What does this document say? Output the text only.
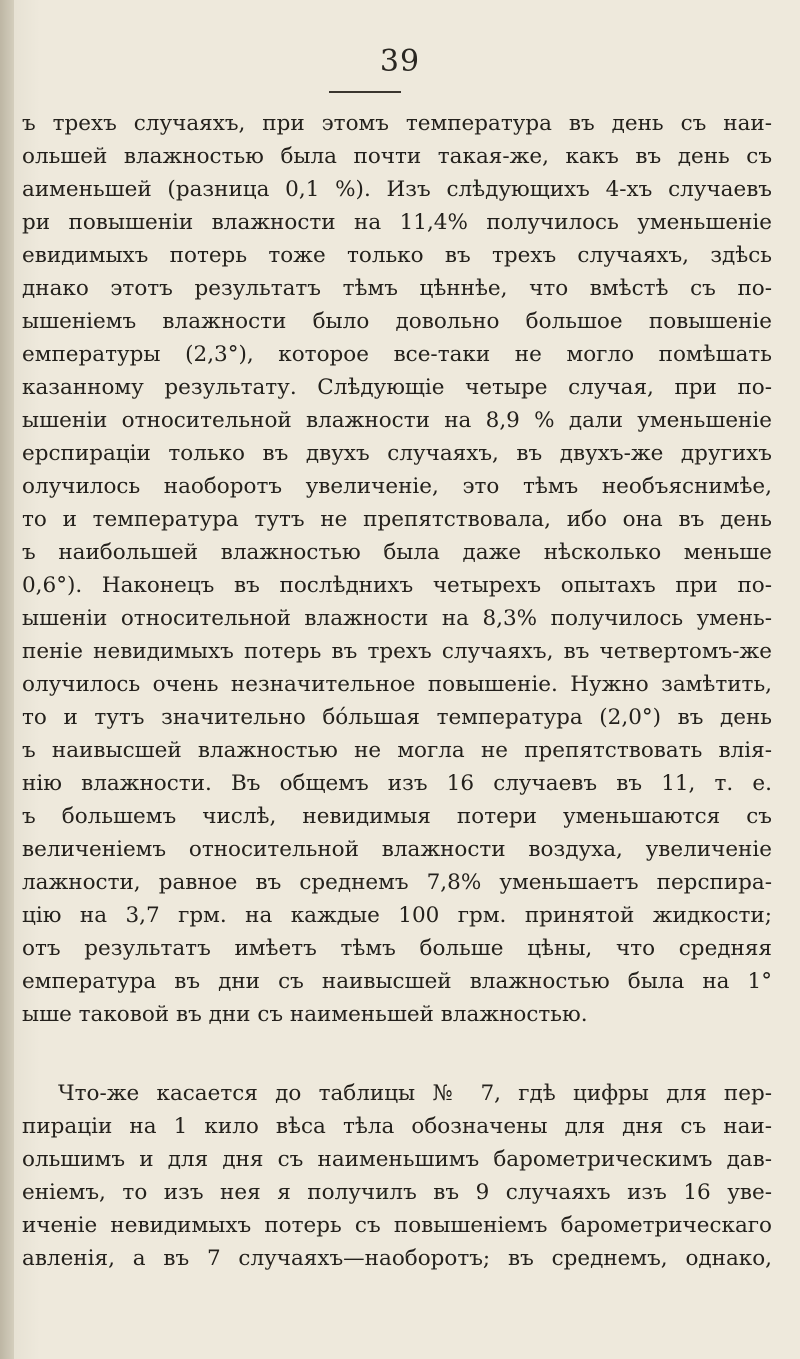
39
ъ трехъ случаяхъ, при этомъ температура въ день съ наи-
ольшей влажностью была почти такая-же, какъ въ день съ
аименьшей (разница 0,1 %). Изъ слѣдующихъ 4-хъ случаевъ
ри повышеніи влажности на 11,4% получилось уменьшеніе
евидимыхъ потерь тоже только въ трехъ случаяхъ, здѣсь
днако этотъ результатъ тѣмъ цѣннѣе, что вмѣстѣ съ по-
ышеніемъ влажности было довольно большое повышеніе
емпературы (2,3°), которое все-таки не могло помѣшать
казанному результату. Слѣдующіе четыре случая, при по-
ышеніи относительной влажности на 8,9 % дали уменьшеніе
ерспираціи только въ двухъ случаяхъ, въ двухъ-же другихъ
олучилось наоборотъ увеличеніе, это тѣмъ необъяснимѣе,
то и температура тутъ не препятствовала, ибо она въ день
ъ наибольшей влажностью была даже нѣсколько меньше
0,6°). Наконецъ въ послѣднихъ четырехъ опытахъ при по-
ышеніи относительной влажности на 8,3% получилось умень-
пеніе невидимыхъ потерь въ трехъ случаяхъ, въ четвертомъ-же
олучилось очень незначительное повышеніе. Нужно замѣтить,
то и тутъ значительно бóльшая температура (2,0°) въ день
ъ наивысшей влажностью не могла не препятствовать влія-
нію влажности. Въ общемъ изъ 16 случаевъ въ 11, т. е.
ъ большемъ числѣ, невидимыя потери уменьшаются съ
величеніемъ относительной влажности воздуха, увеличеніе
лажности, равное въ среднемъ 7,8% уменьшаетъ перспира-
цію на 3,7 грм. на каждые 100 грм. принятой жидкости;
отъ результатъ имѣетъ тѣмъ больше цѣны, что средняя
емпература въ дни съ наивысшей влажностью была на 1°
ыше таковой въ дни съ наименьшей влажностью.
Что-же касается до таблицы № 7, гдѣ цифры для пер-
пираціи на 1 кило вѣса тѣла обозначены для дня съ наи-
ольшимъ и для дня съ наименьшимъ барометрическимъ дав-
еніемъ, то изъ нея я получилъ въ 9 случаяхъ изъ 16 уве-
иченіе невидимыхъ потерь съ повышеніемъ барометрическаго
авленія, а въ 7 случаяхъ—наоборотъ; въ среднемъ, однако,
